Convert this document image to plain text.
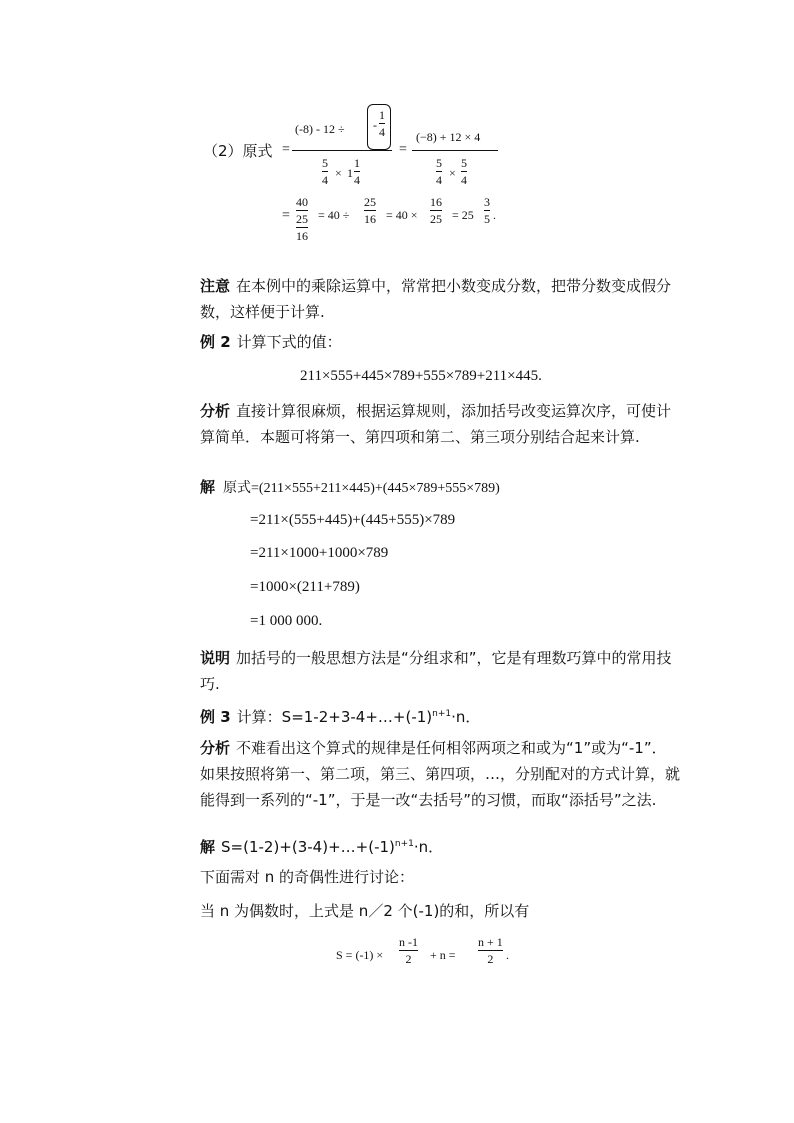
（2）原式 =
(-8) - 12 ÷ -
1
4
5
4 × 1
1
4
=
(−8) + 12 × 4
5
4 ×
5
4
=
40
25
16
= 40 ÷
25
16 = 40 ×
16
25 = 25
3
5 .
注意 在本例中的乘除运算中，常常把小数变成分数，把带分数变成假分数，这样便于计算.
例 2 计算下式的值：
211×555+445×789+555×789+211×445.
分析 直接计算很麻烦，根据运算规则，添加括号改变运算次序，可使计算简单．本题可将第一、第四项和第二、第三项分别结合起来计算.
解 原式=(211×555+211×445)+(445×789+555×789)
=211×(555+445)+(445+555)×789
=211×1000+1000×789
=1000×(211+789)
=1 000 000.
说明 加括号的一般思想方法是“分组求和”，它是有理数巧算中的常用技巧.
例 3 计算：$S=1-2+3-4+\dots+(-1)^{n+1}\cdot n$．
分析 不难看出这个算式的规律是任何相邻两项之和或为“1”或为“-1”．如果按照将第一、第二项，第三、第四项，…，分别配对的方式计算，就能得到一系列的“-1”，于是一改“去括号”的习惯，而取“添括号”之法.
解 $S=(1-2)+(3-4)+\dots+(-1)^{n+1}\cdot n$．
下面需对 n 的奇偶性进行讨论：
当 n 为偶数时，上式是 n／2 个(-1)的和，所以有
S = (-1) ×
n -1
2 + n =
n + 1
2 .
